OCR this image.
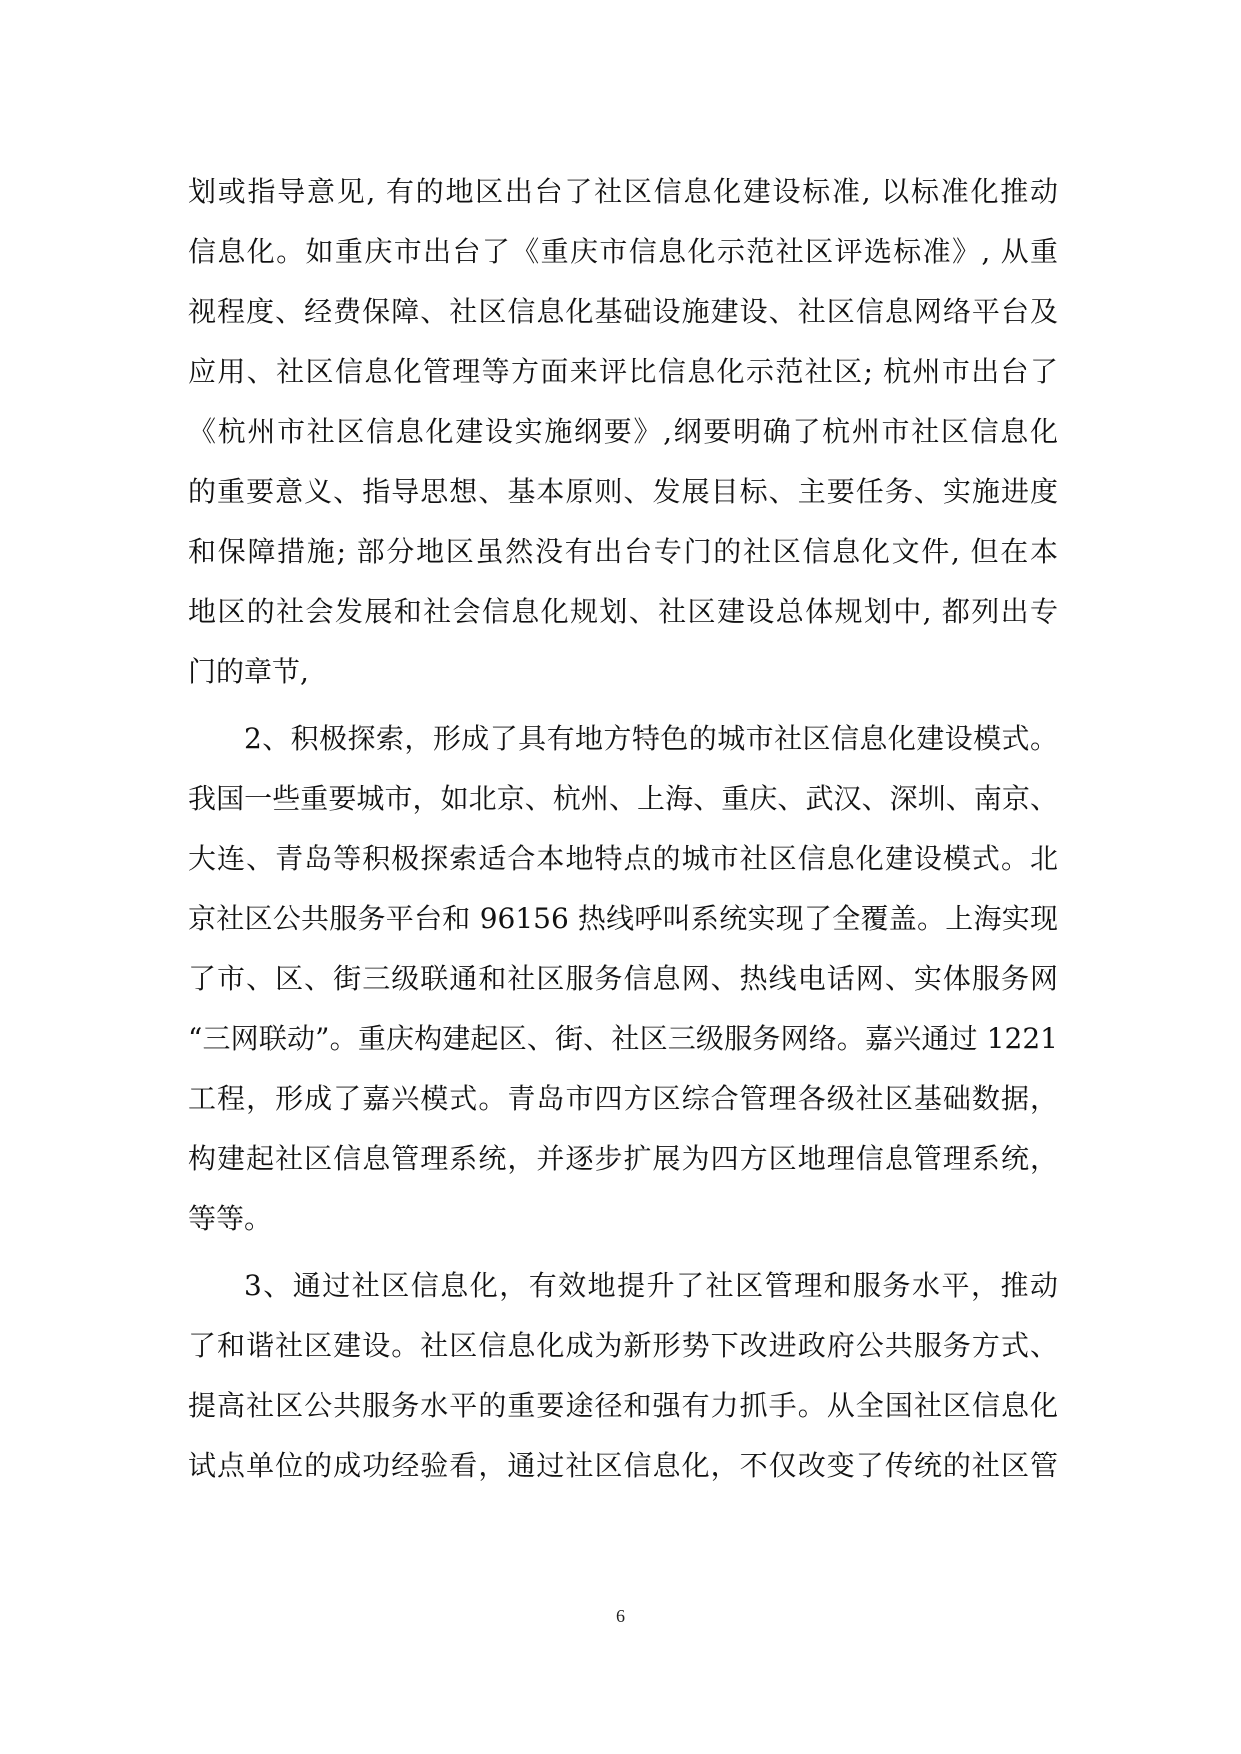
划或指导意见, 有的地区出台了社区信息化建设标准, 以标准化推动
信息化。如重庆市出台了《重庆市信息化示范社区评选标准》, 从重
视程度、经费保障、社区信息化基础设施建设、社区信息网络平台及
应用、社区信息化管理等方面来评比信息化示范社区; 杭州市出台了
《杭州市社区信息化建设实施纲要》,纲要明确了杭州市社区信息化
的重要意义、指导思想、基本原则、发展目标、主要任务、实施进度
和保障措施; 部分地区虽然没有出台专门的社区信息化文件, 但在本
地区的社会发展和社会信息化规划、社区建设总体规划中, 都列出专
门的章节,
2、积极探索，形成了具有地方特色的城市社区信息化建设模式。
我国一些重要城市，如北京、杭州、上海、重庆、武汉、深圳、南京、
大连、青岛等积极探索适合本地特点的城市社区信息化建设模式。北
京社区公共服务平台和 96156 热线呼叫系统实现了全覆盖。上海实现
了市、区、街三级联通和社区服务信息网、热线电话网、实体服务网
“三网联动”。重庆构建起区、街、社区三级服务网络。嘉兴通过 1221
工程，形成了嘉兴模式。青岛市四方区综合管理各级社区基础数据，
构建起社区信息管理系统，并逐步扩展为四方区地理信息管理系统，
等等。
3、通过社区信息化，有效地提升了社区管理和服务水平，推动
了和谐社区建设。社区信息化成为新形势下改进政府公共服务方式、
提高社区公共服务水平的重要途径和强有力抓手。从全国社区信息化
试点单位的成功经验看，通过社区信息化，不仅改变了传统的社区管
6
